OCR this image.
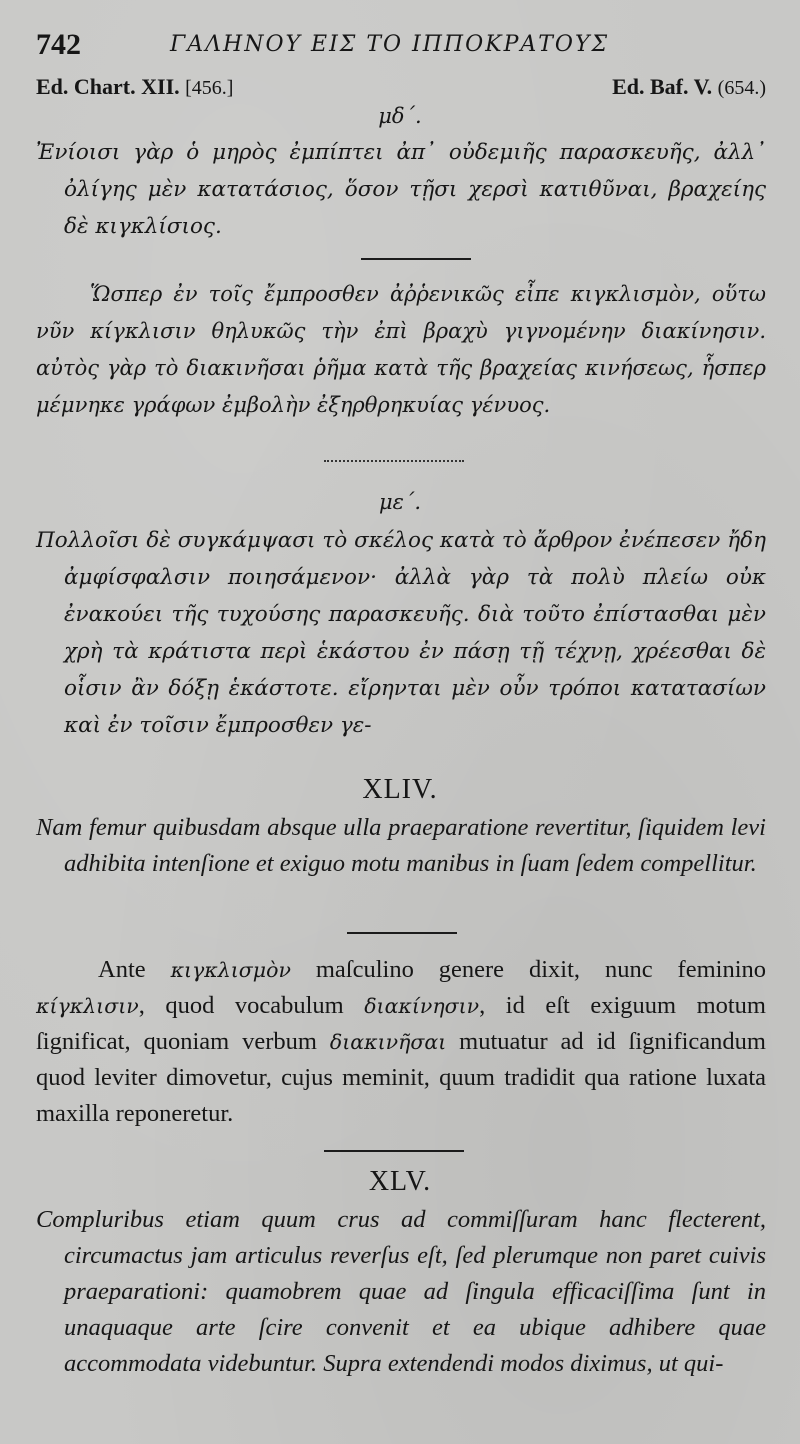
742	ΓΑΛΗΝΟΥ ΕΙΣ ΤΟ ΙΠΠΟΚΡΑΤΟΥΣ
Ed. Chart. XII. [456.]	Ed. Baf. V. (654.)
μδ΄.

Ἐνίοισι γὰρ ὁ μηρὸς ἐμπίπτει ἀπ᾽ οὐδεμιῆς παρασκευῆς, ἀλλ᾽ ὀλίγης μὲν κατατάσιος, ὅσον τῇσι χερσὶ κατιθῦναι, βραχείης δὲ κιγκλίσιος.

Ὥσπερ ἐν τοῖς ἔμπροσθεν ἀῤῥενικῶς εἶπε κιγκλισμὸν, οὕτω νῦν κίγκλισιν θηλυκῶς τὴν ἐπὶ βραχὺ γιγνομένην διακίνησιν. αὐτὸς γὰρ τὸ διακινῆσαι ῥῆμα κατὰ τῆς βραχείας κινήσεως, ἧσπερ μέμνηκε γράφων ἐμβολὴν ἐξηρθρηκυίας γένυος.

με΄.

Πολλοῖσι δὲ συγκάμψασι τὸ σκέλος κατὰ τὸ ἄρθρον ἐνέπεσεν ἤδη ἀμφίσφαλσιν ποιησάμενον· ἀλλὰ γὰρ τὰ πολὺ πλείω οὐκ ἐνακούει τῆς τυχούσης παρασκευῆς. διὰ τοῦτο ἐπίστασθαι μὲν χρὴ τὰ κράτιστα περὶ ἑκάστου ἐν πάσῃ τῇ τέχνῃ, χρέεσθαι δὲ οἷσιν ἂν δόξῃ ἑκάστοτε. εἴρηνται μὲν οὖν τρόποι κατατασίων καὶ ἐν τοῖσιν ἔμπροσθεν γε-

XLIV.

Nam femur quibusdam absque ulla praeparatione revertitur, ſiquidem levi adhibita intenſione et exiguo motu manibus in ſuam ſedem compellitur.

Ante κιγκλισμὸν maſculino genere dixit, nunc feminino κίγκλισιν, quod vocabulum διακίνησιν, id eſt exiguum motum ſignificat, quoniam verbum διακινῆσαι mutuatur ad id ſignificandum quod leviter dimovetur, cujus meminit, quum tradidit qua ratione luxata maxilla reponeretur.

XLV.

Compluribus etiam quum crus ad commiſſuram hanc flecterent, circumactus jam articulus reverſus eſt, ſed plerumque non paret cuivis praeparationi: quamobrem quae ad ſingula efficaciſſima ſunt in unaquaque arte ſcire convenit et ea ubique adhibere quae accommodata videbuntur. Supra extendendi modos diximus, ut qui-
